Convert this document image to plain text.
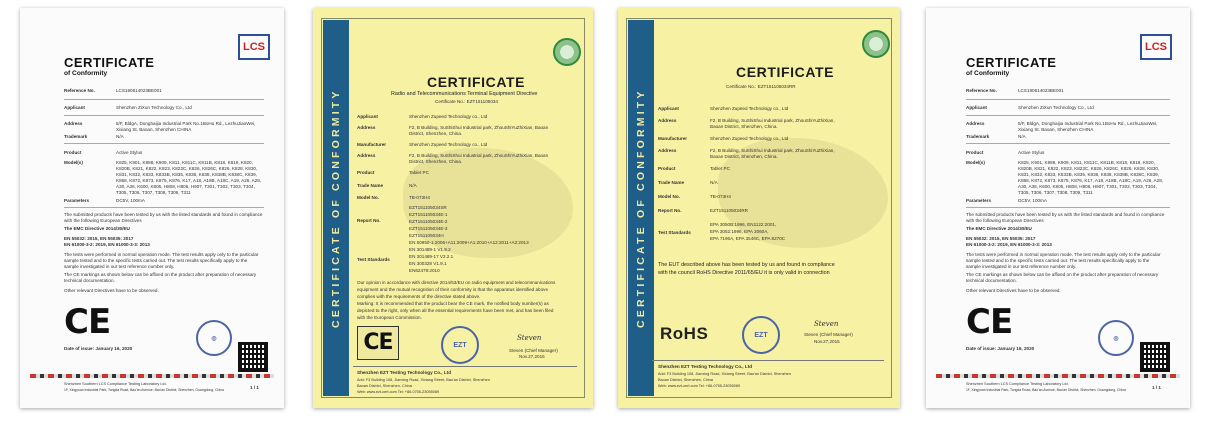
LCS
CERTIFICATE
of Conformity
Reference No.	LCS190614023BE001
Applicant	Shenzhen ZiXun Technology Co., Ltd
Address	5/F, BldgA, Donghaijia Industrial Park No.1BoHu Rd., LezhuJiaoWei,
Xixiang St. Baoan, Shenzhen CHINA
Trademark	N/A
Product	Active Stylus
Model(s)	K825, K901, K888, K909, K811, K811C, K811B, K818, K819, K820,
K820B, K821, K822, K823, K823C, K826, K826C, K826, K828, K830,
K831, K832, K833, K833B, K835, K836, K838, K838B, K838C, K839,
K868, K872, K873, K875, K876, K17, A18, A18B, A18C, A19, A26, A28,
A30, A36, K600, K805, H808, H806, H907, T301, T302, T303, T304,
T305, T306, T307, T308, T309, T311
Parameters	DC5V, 100mA
The submitted products have been tested by us with the listed standards and found in compliance
with the following European Directives
The EMC Directive 2014/30/EU
EN 55032: 2015, EN 55035: 2017
EN 61000-3-2: 2019, EN 61000-3-3: 2013
The tests were performed in normal operation mode. The test results apply only to the particular
sample tested and to the specific tests carried out. The test results specifically apply to the
sample investigated in our test reference number only.
The CE markings as shown below can be affixed on the product after preparation of necessary
technical documentation.
Other relevant Directives have to be observed.
CE	◎
Date of issue: January 16, 2020
Shenzhen Southern LCS Compliance Testing Laboratory Ltd.
1F, Xingyuan Industrial Park, Tongda Road, Bao'an Avenue, Bao'an District, Shenzhen, Guangdong, China	1 / 1
CERTIFICATE OF CONFORMITY
CERTIFICATE
Radio and Telecommunications Terminal Equipment Directive
Certificate No.: EZT151105034
Applicant	Shenzhen Zupeed Technology co., Ltd
Address	F2, B Building, SuShiShui Industrial park, ZhouShiYuZhiXian, Baoan
District, Shenzhen, China.
Manufacturer	Shenzhen Zupeed Technology co., Ltd
Address	F2, B Building, SuShiShui Industrial park, ZhouShiYuZhiXian, Baoan
District, Shenzhen, China.
Product	Tablet PC
Trade Name	N/A
Model No.	TB-073H4
Report No.
EZT151105034SR
EZT151105034E-1
EZT151105034E-2
EZT151105034E-3
EZT151105034H
Test Standards
EN 60950-1:2006+A11:2009+A1:2010+A12:2011+A2:2013
EN 301489-1 V1.9.2
EN 301489-17 V2.2.1
EN 300328 V1.9.1
EN62479:2010
Our opinion in accordance with directive 2014/53/EU on radio equipment and telecommunications
equipment and the mutual recognition of their conformity is that the apparatus identified above
complies with the requirements of the directive stated above.
Marking: It is recommended that the product bear the CE mark, the notified body number(s) as
depicted to the right, only when all the essential requirements have been met, and has been filed
with the European Commission.
CE	EZT
Steven
Steven (Chief Manager)
Nov.27,2015
Shenzhen EZT Testing Technology Co., Ltd
Add: F3 Building 108, Jianxing Road, Xixiang Street, Bao'an District, Shenzhen
Baoan District, Shenzhen, China
Web: www.ezt-cert.com Tel: +86-0755-23055089
CERTIFICATE OF CONFORMITY
CERTIFICATE
Certificate No.: EZT151105034RR
Applicant	Shenzhen Zupeed Technology co., Ltd
Address	F2, B Building, SuShiShui Industrial park, ZhouShiYuZhiXian,
Baoan District, Shenzhen, China.
Manufacturer	Shenzhen Zupeed Technology co., Ltd
Address	F2, B Building, SuShiShui Industrial park, ZhouShiYuZhiXian,
Baoan District, Shenzhen, China.
Product	Tablet PC
Trade Name	N/A
Model No.	TB-073H4
Report No.	EZT151105034RR
Test Standards
EPA 3050B:1996, EN1122:2001,
EPA 3052:1996, EPA 3060A,
EPA 7196A, EPA 3546C, EPA 8270C
The EUT described above has been tested by us and found in compliance
with the council RoHS Directive 2011/65/EU it is only valid in connection
RoHS	EZT
Steven
Steven (Chief Manager)
Nov.27,2015
Shenzhen EZT Testing Technology Co., Ltd
Add: F3 Building 108, Jianxing Road, Xixiang Street, Bao'an District, Shenzhen
Baoan District, Shenzhen, China
Web: www.ezt-cert.com Tel: +86-0755-23055089
LCS
CERTIFICATE
of Conformity
Reference No.	LCS190614023BE001
Applicant	Shenzhen ZiXun Technology Co., Ltd
Address	5/F, BldgA, Donghaijia Industrial Park No.1BoHu Rd., LezhuJiaoWei,
Xixiang St. Baoan, Shenzhen CHINA
Trademark	N/A
Product	Active Stylus
Model(s)	K825, K901, K888, K909, K811, K811C, K811B, K818, K819, K820,
K820B, K821, K822, K823, K823C, K826, K826C, K826, K828, K830,
K831, K832, K833, K833B, K835, K836, K838, K838B, K838C, K839,
K868, K872, K873, K875, K876, K17, A18, A18B, A18C, A19, A26, A28,
A30, A36, K600, K805, H808, H806, H907, T301, T302, T303, T304,
T305, T306, T307, T308, T309, T311
Parameters	DC5V, 100mA
The submitted products have been tested by us with the listed standards and found in compliance
with the following European Directives
The EMC Directive 2014/30/EU
EN 55032: 2015, EN 55035: 2017
EN 61000-3-2: 2019, EN 61000-3-3: 2013
The tests were performed in normal operation mode. The test results apply only to the particular
sample tested and to the specific tests carried out. The test results specifically apply to the
sample investigated in our test reference number only.
The CE markings as shown below can be affixed on the product after preparation of necessary
technical documentation.
Other relevant Directives have to be observed.
CE	◎
Date of issue: January 16, 2020
Shenzhen Southern LCS Compliance Testing Laboratory Ltd.
1F, Xingyuan Industrial Park, Tongda Road, Bao'an Avenue, Bao'an District, Shenzhen, Guangdong, China	1 / 1
